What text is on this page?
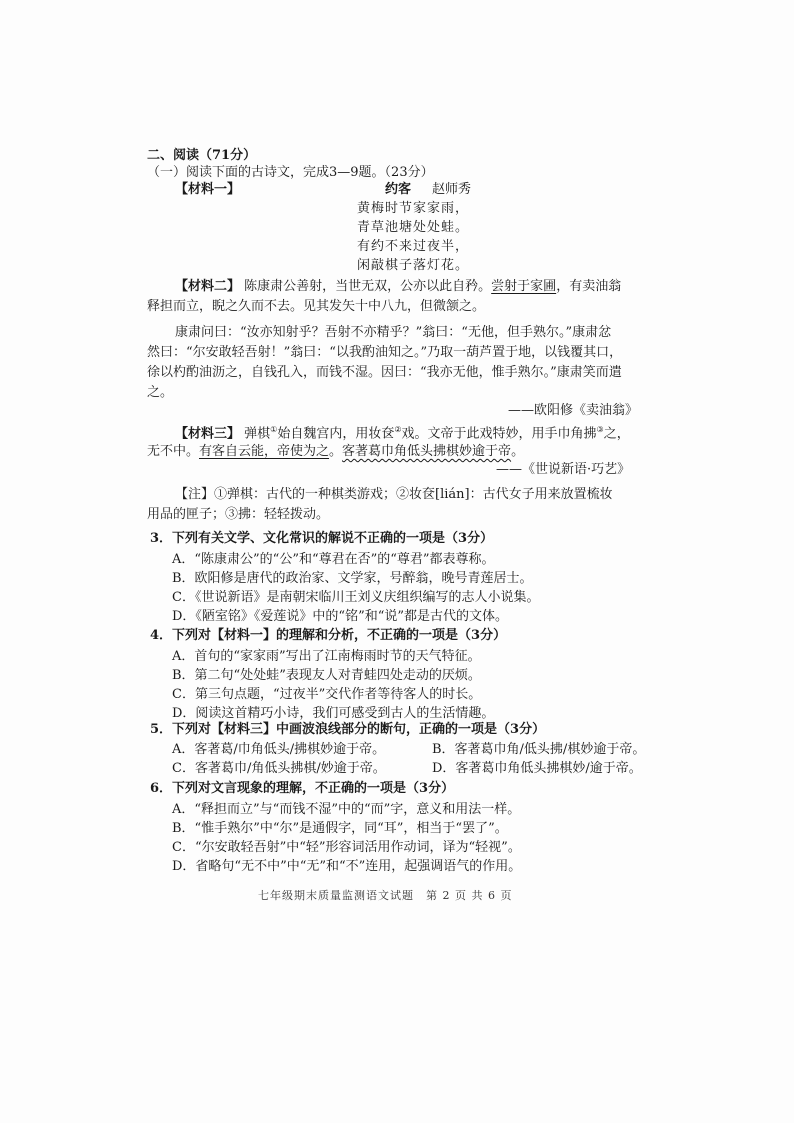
二、阅读（71分）
（一）阅读下面的古诗文，完成3—9题。（23分）
【材料一】	约客 赵师秀
黄梅时节家家雨，
青草池塘处处蛙。
有约不来过夜半，
闲敲棋子落灯花。
【材料二】 陈康肃公善射，当世无双，公亦以此自矜。尝射于家圃，有卖油翁
释担而立，睨之久而不去。见其发矢十中八九，但微颔之。
康肃问曰：“汝亦知射乎？吾射不亦精乎？”翁曰：“无他，但手熟尔。”康肃忿
然曰：“尔安敢轻吾射！”翁曰：“以我酌油知之。”乃取一葫芦置于地，以钱覆其口，
徐以杓酌油沥之，自钱孔入，而钱不湿。因曰：“我亦无他，惟手熟尔。”康肃笑而遣
之。
——欧阳修《卖油翁》
【材料三】 弹棋①始自魏宫内，用妆奁②戏。文帝于此戏特妙，用手巾角拂③之，
无不中。有客自云能，帝使为之。客著葛巾角低头拂棋妙逾于帝。
——《世说新语·巧艺》
【注】①弹棋：古代的一种棋类游戏；②妆奁[lián]：古代女子用来放置梳妆
用品的匣子；③拂：轻轻拨动。
3．下列有关文学、文化常识的解说不正确的一项是（3分）
A．“陈康肃公”的“公”和“尊君在否”的“尊君”都表尊称。
B．欧阳修是唐代的政治家、文学家，号醉翁，晚号青莲居士。
C．《世说新语》是南朝宋临川王刘义庆组织编写的志人小说集。
D．《陋室铭》《爱莲说》中的“铭”和“说”都是古代的文体。
4．下列对【材料一】的理解和分析，不正确的一项是（3分）
A．首句的“家家雨”写出了江南梅雨时节的天气特征。
B．第二句“处处蛙”表现友人对青蛙四处走动的厌烦。
C．第三句点题，“过夜半”交代作者等待客人的时长。
D．阅读这首精巧小诗，我们可感受到古人的生活情趣。
5．下列对【材料三】中画波浪线部分的断句，正确的一项是（3分）
A．客著葛/巾角低头/拂棋妙逾于帝。	B．客著葛巾角/低头拂/棋妙逾于帝。
C．客著葛巾/角低头拂棋/妙逾于帝。	D．客著葛巾角低头拂棋妙/逾于帝。
6．下列对文言现象的理解，不正确的一项是（3分）
A．“释担而立”与“而钱不湿”中的“而”字，意义和用法一样。
B．“惟手熟尔”中“尔”是通假字，同“耳”，相当于“罢了”。
C．“尔安敢轻吾射”中“轻”形容词活用作动词，译为“轻视”。
D．省略句“无不中”中“无”和“不”连用，起强调语气的作用。
七年级期末质量监测语文试题　第 2 页 共 6 页
